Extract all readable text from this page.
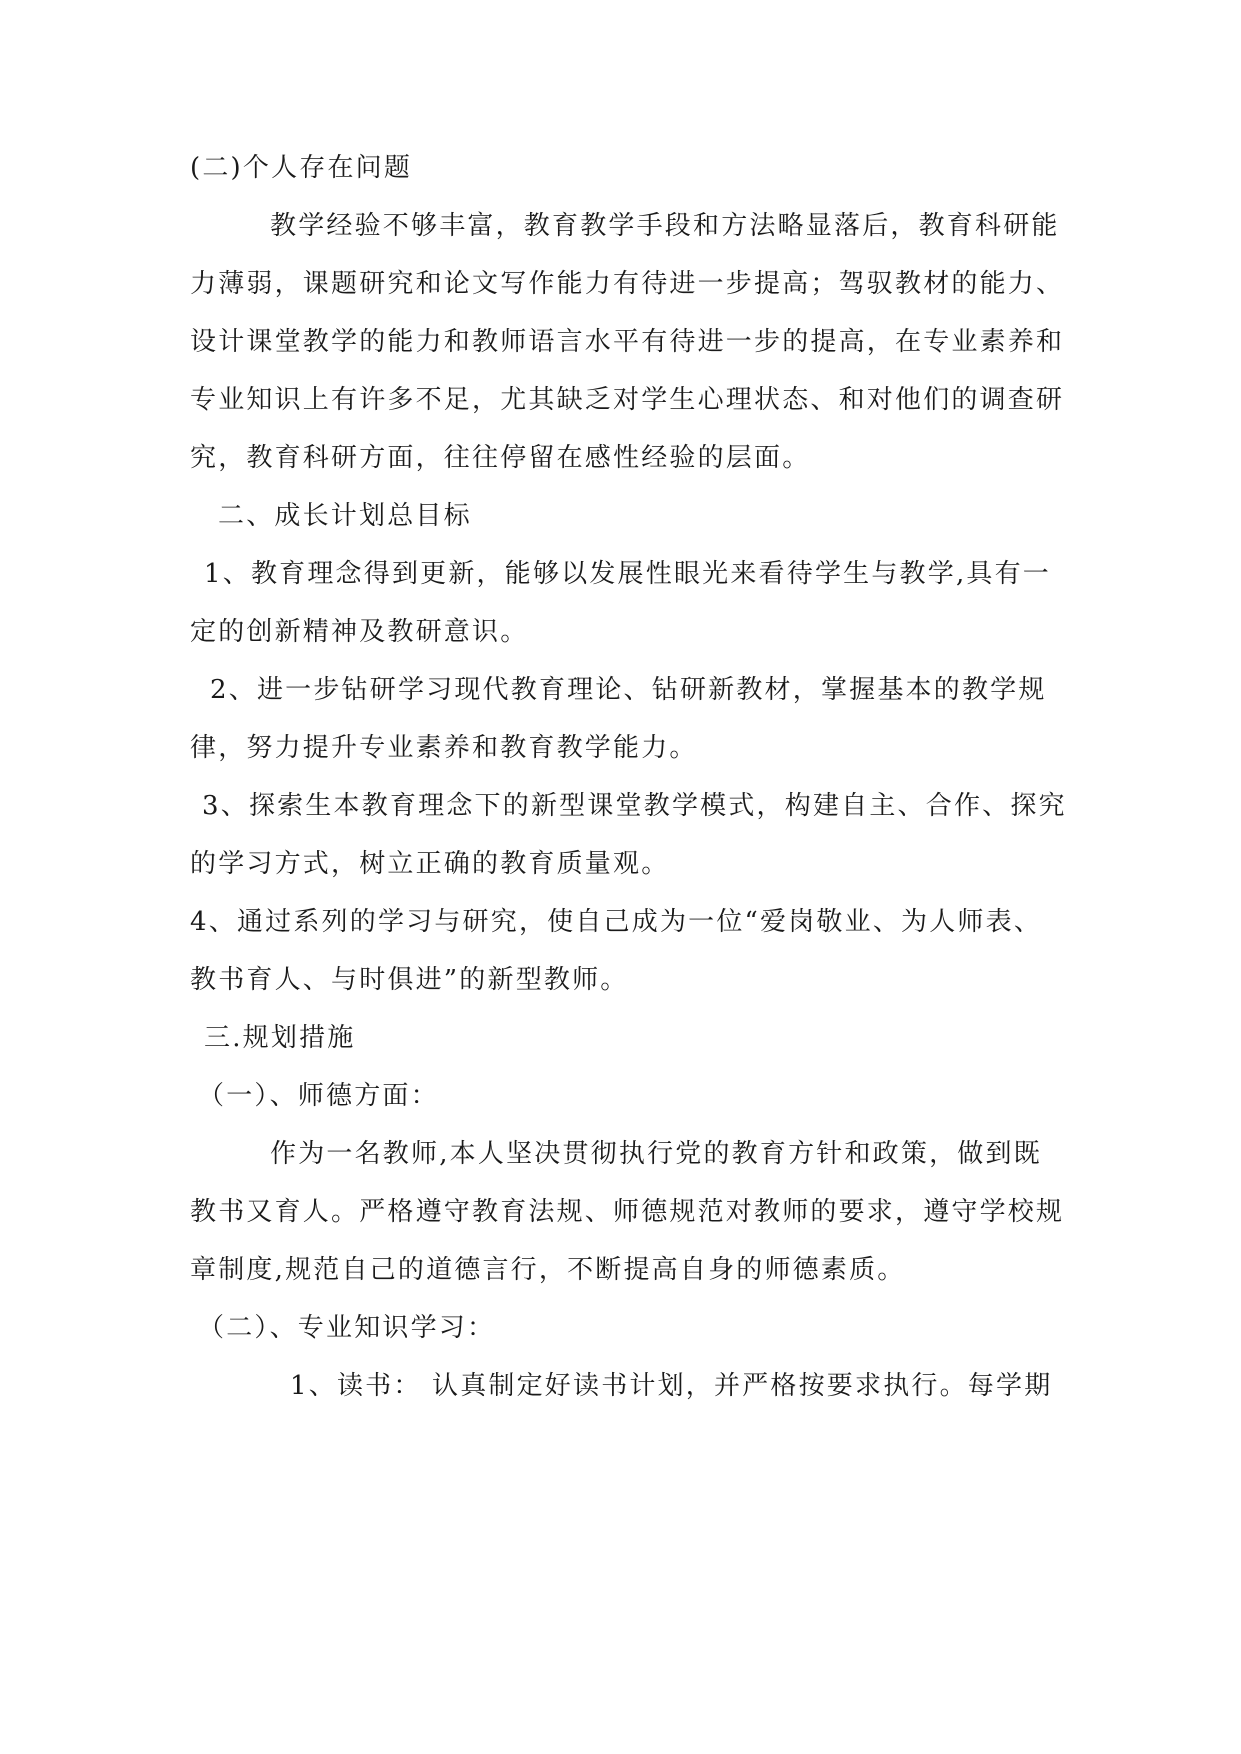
(二)个人存在问题
教学经验不够丰富，教育教学手段和方法略显落后，教育科研能
力薄弱，课题研究和论文写作能力有待进一步提高；驾驭教材的能力、
设计课堂教学的能力和教师语言水平有待进一步的提高，在专业素养和
专业知识上有许多不足，尤其缺乏对学生心理状态、和对他们的调查研
究，教育科研方面，往往停留在感性经验的层面。
二、成长计划总目标
1、教育理念得到更新，能够以发展性眼光来看待学生与教学,具有一
定的创新精神及教研意识。
2、进一步钻研学习现代教育理论、钻研新教材，掌握基本的教学规
律，努力提升专业素养和教育教学能力。
3、探索生本教育理念下的新型课堂教学模式，构建自主、合作、探究
的学习方式，树立正确的教育质量观。
4、通过系列的学习与研究，使自己成为一位“爱岗敬业、为人师表、
教书育人、与时俱进”的新型教师。
三.规划措施
（一）、师德方面：
作为一名教师,本人坚决贯彻执行党的教育方针和政策，做到既
教书又育人。严格遵守教育法规、师德规范对教师的要求，遵守学校规
章制度,规范自己的道德言行，不断提高自身的师德素质。
（二）、专业知识学习：
1、读书： 认真制定好读书计划，并严格按要求执行。每学期
